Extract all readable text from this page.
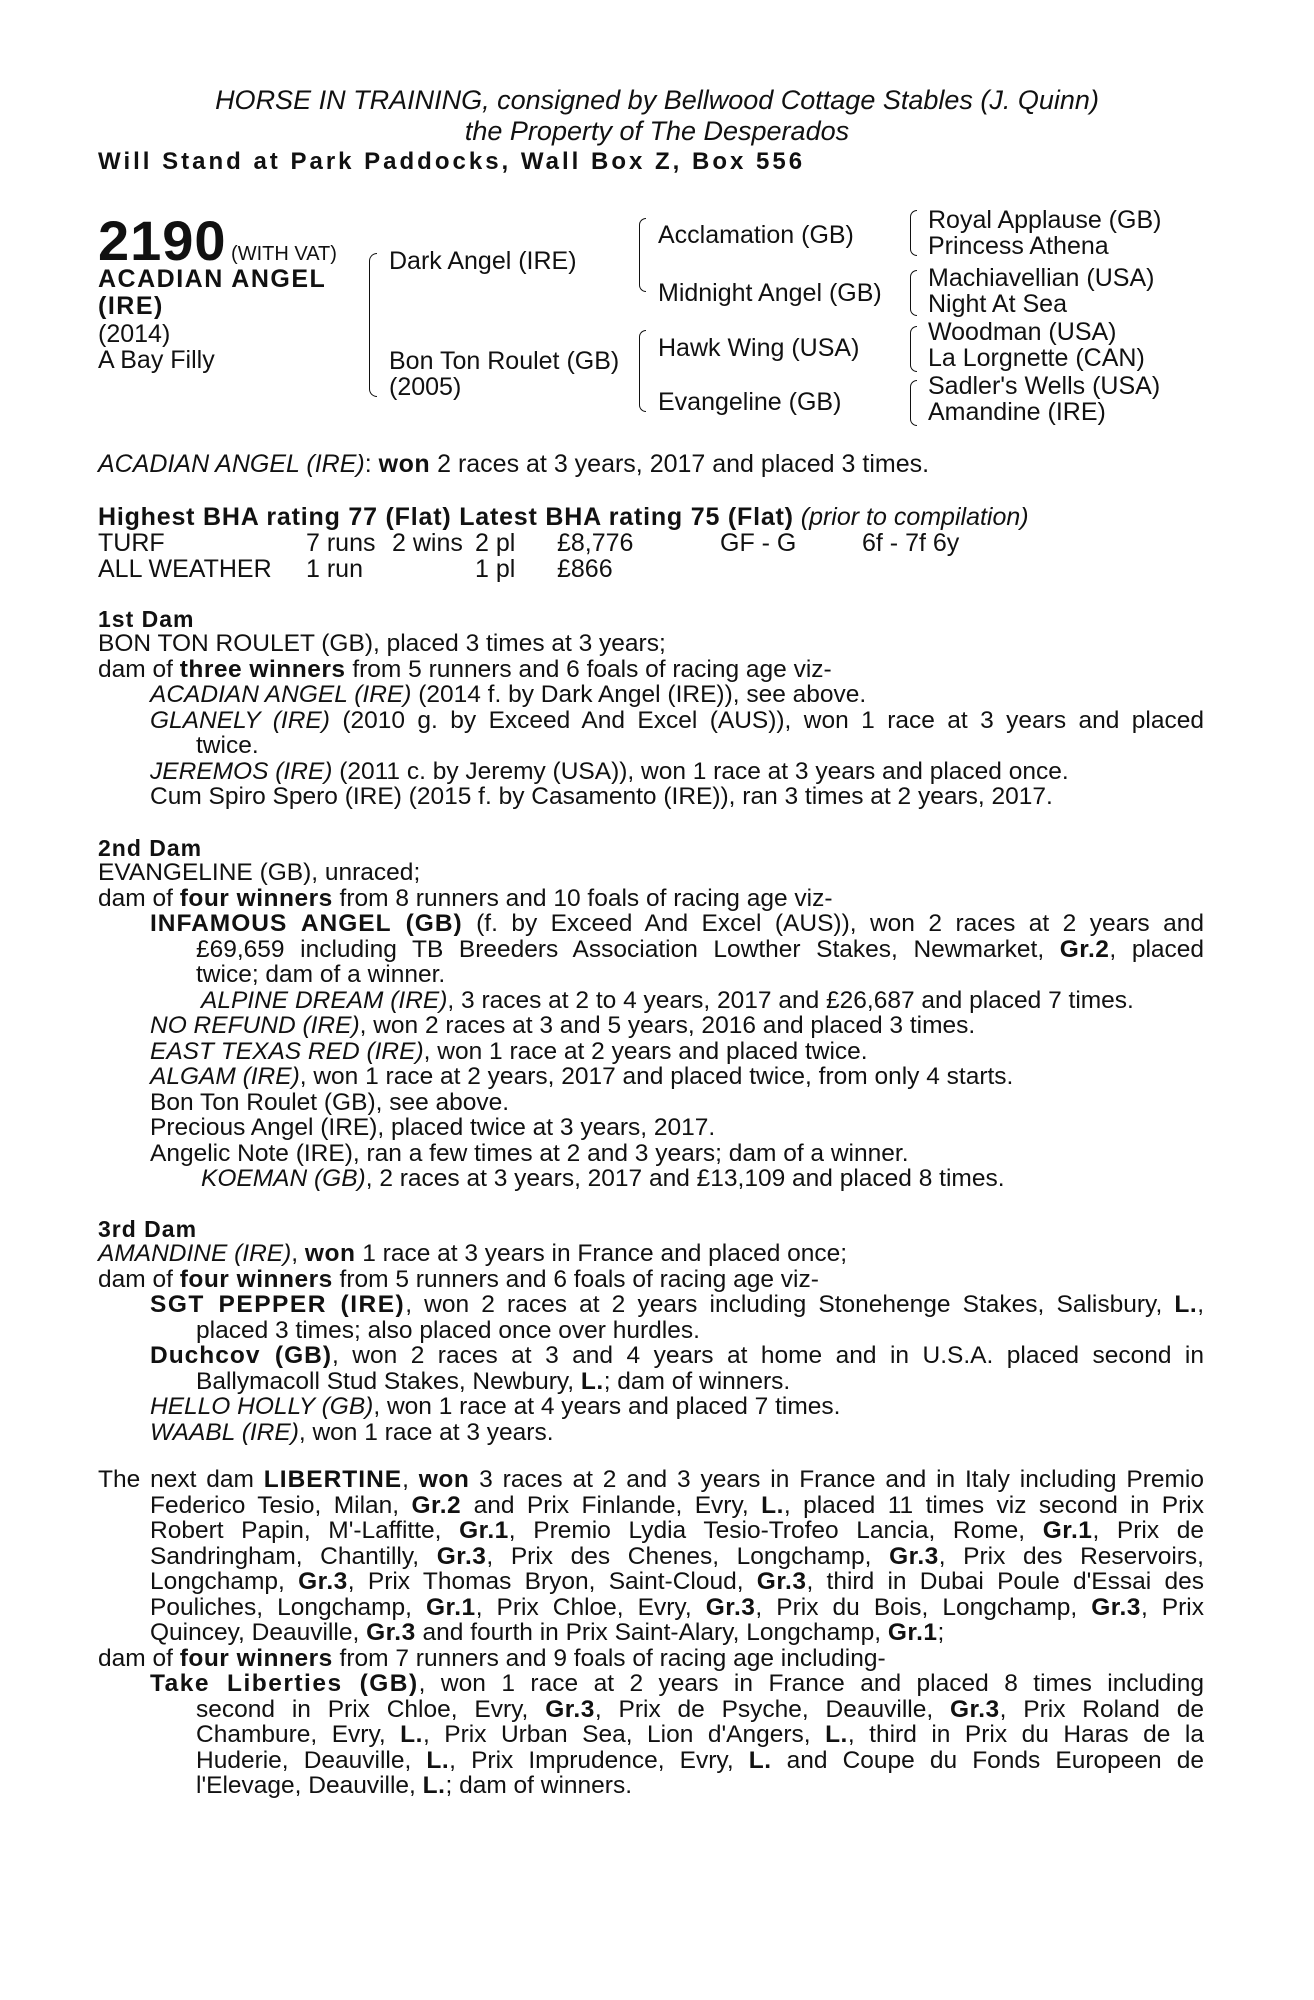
HORSE IN TRAINING, consigned by Bellwood Cottage Stables (J. Quinn)
the Property of The Desperados
Will Stand at Park Paddocks, Wall Box Z, Box 556
2190 (WITH VAT)
ACADIAN ANGEL
(IRE)
(2014)
A Bay Filly
Dark Angel (IRE)
Bon Ton Roulet (GB)
(2005)
Acclamation (GB)
Midnight Angel (GB)
Hawk Wing (USA)
Evangeline (GB)
Royal Applause (GB)
Princess Athena
Machiavellian (USA)
Night At Sea
Woodman (USA)
La Lorgnette (CAN)
Sadler's Wells (USA)
Amandine (IRE)
ACADIAN ANGEL (IRE): won 2 races at 3 years, 2017 and placed 3 times.
Highest BHA rating 77 (Flat) Latest BHA rating 75 (Flat) (prior to compilation)
TURF	7 runs 2 wins 2 pl £8,776	GF - G	6f - 7f 6y
ALL WEATHER 1 run	1 pl £866
1st Dam
BON TON ROULET (GB), placed 3 times at 3 years;
dam of three winners from 5 runners and 6 foals of racing age viz-
ACADIAN ANGEL (IRE) (2014 f. by Dark Angel (IRE)), see above.
GLANELY (IRE) (2010 g. by Exceed And Excel (AUS)), won 1 race at 3 years and placed
twice.
JEREMOS (IRE) (2011 c. by Jeremy (USA)), won 1 race at 3 years and placed once.
Cum Spiro Spero (IRE) (2015 f. by Casamento (IRE)), ran 3 times at 2 years, 2017.
2nd Dam
EVANGELINE (GB), unraced;
dam of four winners from 8 runners and 10 foals of racing age viz-
INFAMOUS ANGEL (GB) (f. by Exceed And Excel (AUS)), won 2 races at 2 years and
£69,659 including TB Breeders Association Lowther Stakes, Newmarket, Gr.2, placed
twice; dam of a winner.
ALPINE DREAM (IRE), 3 races at 2 to 4 years, 2017 and £26,687 and placed 7 times.
NO REFUND (IRE), won 2 races at 3 and 5 years, 2016 and placed 3 times.
EAST TEXAS RED (IRE), won 1 race at 2 years and placed twice.
ALGAM (IRE), won 1 race at 2 years, 2017 and placed twice, from only 4 starts.
Bon Ton Roulet (GB), see above.
Precious Angel (IRE), placed twice at 3 years, 2017.
Angelic Note (IRE), ran a few times at 2 and 3 years; dam of a winner.
KOEMAN (GB), 2 races at 3 years, 2017 and £13,109 and placed 8 times.
3rd Dam
AMANDINE (IRE), won 1 race at 3 years in France and placed once;
dam of four winners from 5 runners and 6 foals of racing age viz-
SGT PEPPER (IRE), won 2 races at 2 years including Stonehenge Stakes, Salisbury, L.,
placed 3 times; also placed once over hurdles.
Duchcov (GB), won 2 races at 3 and 4 years at home and in U.S.A. placed second in
Ballymacoll Stud Stakes, Newbury, L.; dam of winners.
HELLO HOLLY (GB), won 1 race at 4 years and placed 7 times.
WAABL (IRE), won 1 race at 3 years.
The next dam LIBERTINE, won 3 races at 2 and 3 years in France and in Italy including Premio
Federico Tesio, Milan, Gr.2 and Prix Finlande, Evry, L., placed 11 times viz second in Prix
Robert Papin, M'-Laffitte, Gr.1, Premio Lydia Tesio-Trofeo Lancia, Rome, Gr.1, Prix de
Sandringham, Chantilly, Gr.3, Prix des Chenes, Longchamp, Gr.3, Prix des Reservoirs,
Longchamp, Gr.3, Prix Thomas Bryon, Saint-Cloud, Gr.3, third in Dubai Poule d'Essai des
Pouliches, Longchamp, Gr.1, Prix Chloe, Evry, Gr.3, Prix du Bois, Longchamp, Gr.3, Prix
Quincey, Deauville, Gr.3 and fourth in Prix Saint-Alary, Longchamp, Gr.1;
dam of four winners from 7 runners and 9 foals of racing age including-
Take Liberties (GB), won 1 race at 2 years in France and placed 8 times including
second in Prix Chloe, Evry, Gr.3, Prix de Psyche, Deauville, Gr.3, Prix Roland de
Chambure, Evry, L., Prix Urban Sea, Lion d'Angers, L., third in Prix du Haras de la
Huderie, Deauville, L., Prix Imprudence, Evry, L. and Coupe du Fonds Europeen de
l'Elevage, Deauville, L.; dam of winners.
